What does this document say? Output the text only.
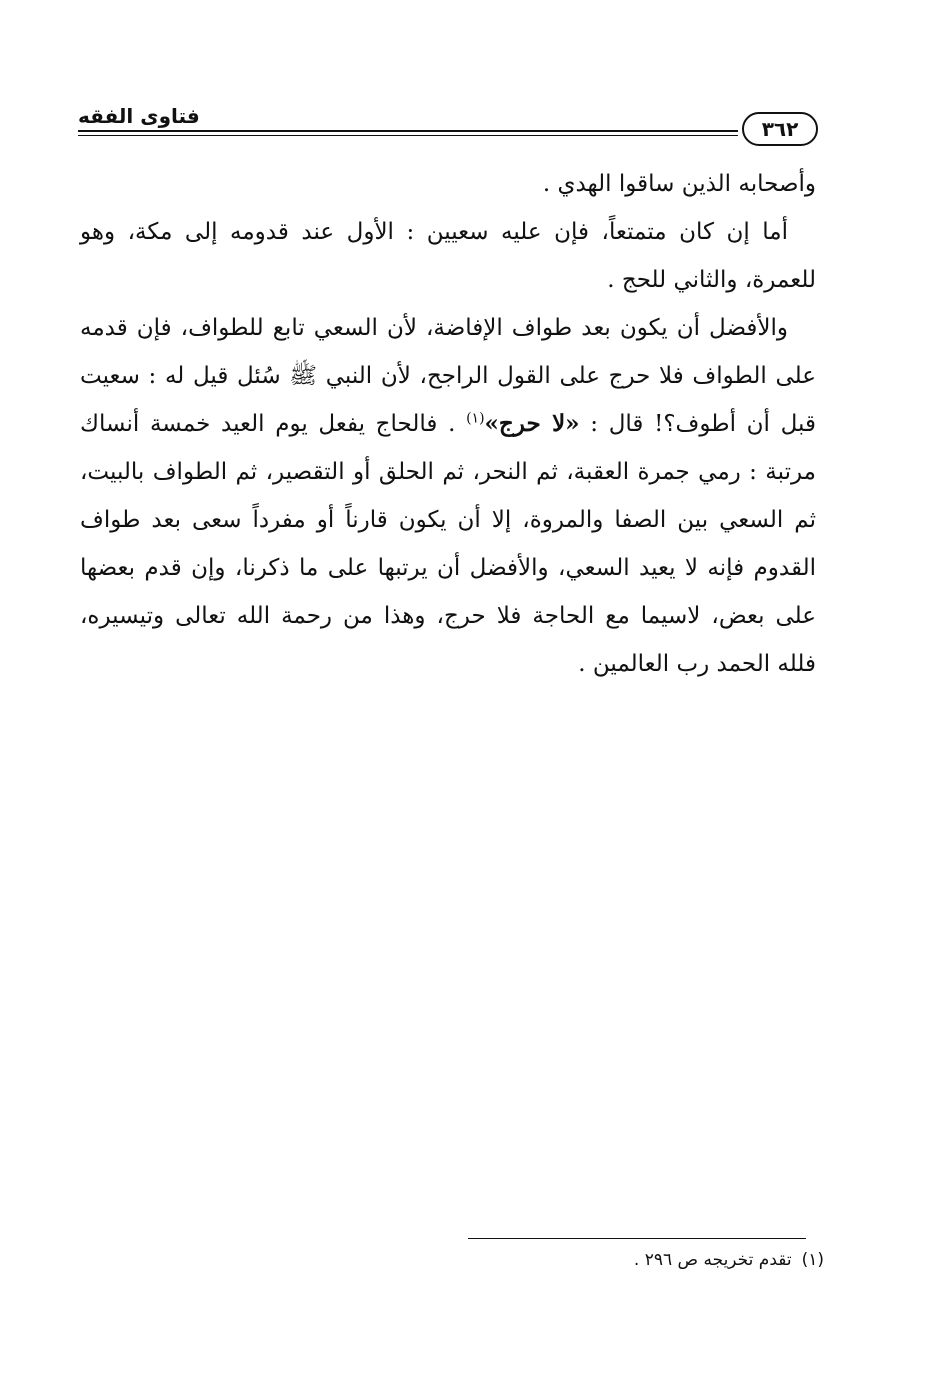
فتاوى الفقه
٣٦٢

وأصحابه الذين ساقوا الهدي .

أما إن كان متمتعاً، فإن عليه سعيين : الأول عند قدومه إلى مكة، وهو للعمرة، والثاني للحج .

والأفضل أن يكون بعد طواف الإفاضة، لأن السعي تابع للطواف، فإن قدمه على الطواف فلا حرج على القول الراجح، لأن النبي ﷺ سُئل قيل له : سعيت قبل أن أطوف؟! قال : «لا حرج»$^{(١)}$ . فالحاج يفعل يوم العيد خمسة أنساك مرتبة : رمي جمرة العقبة، ثم النحر، ثم الحلق أو التقصير، ثم الطواف بالبيت، ثم السعي بين الصفا والمروة، إلا أن يكون قارناً أو مفرداً سعى بعد طواف القدوم فإنه لا يعيد السعي، والأفضل أن يرتبها على ما ذكرنا، وإن قدم بعضها على بعض، لاسيما مع الحاجة فلا حرج، وهذا من رحمة الله تعالى وتيسيره، فلله الحمد رب العالمين .

(١)تقدم تخريجه ص ٢٩٦ .
